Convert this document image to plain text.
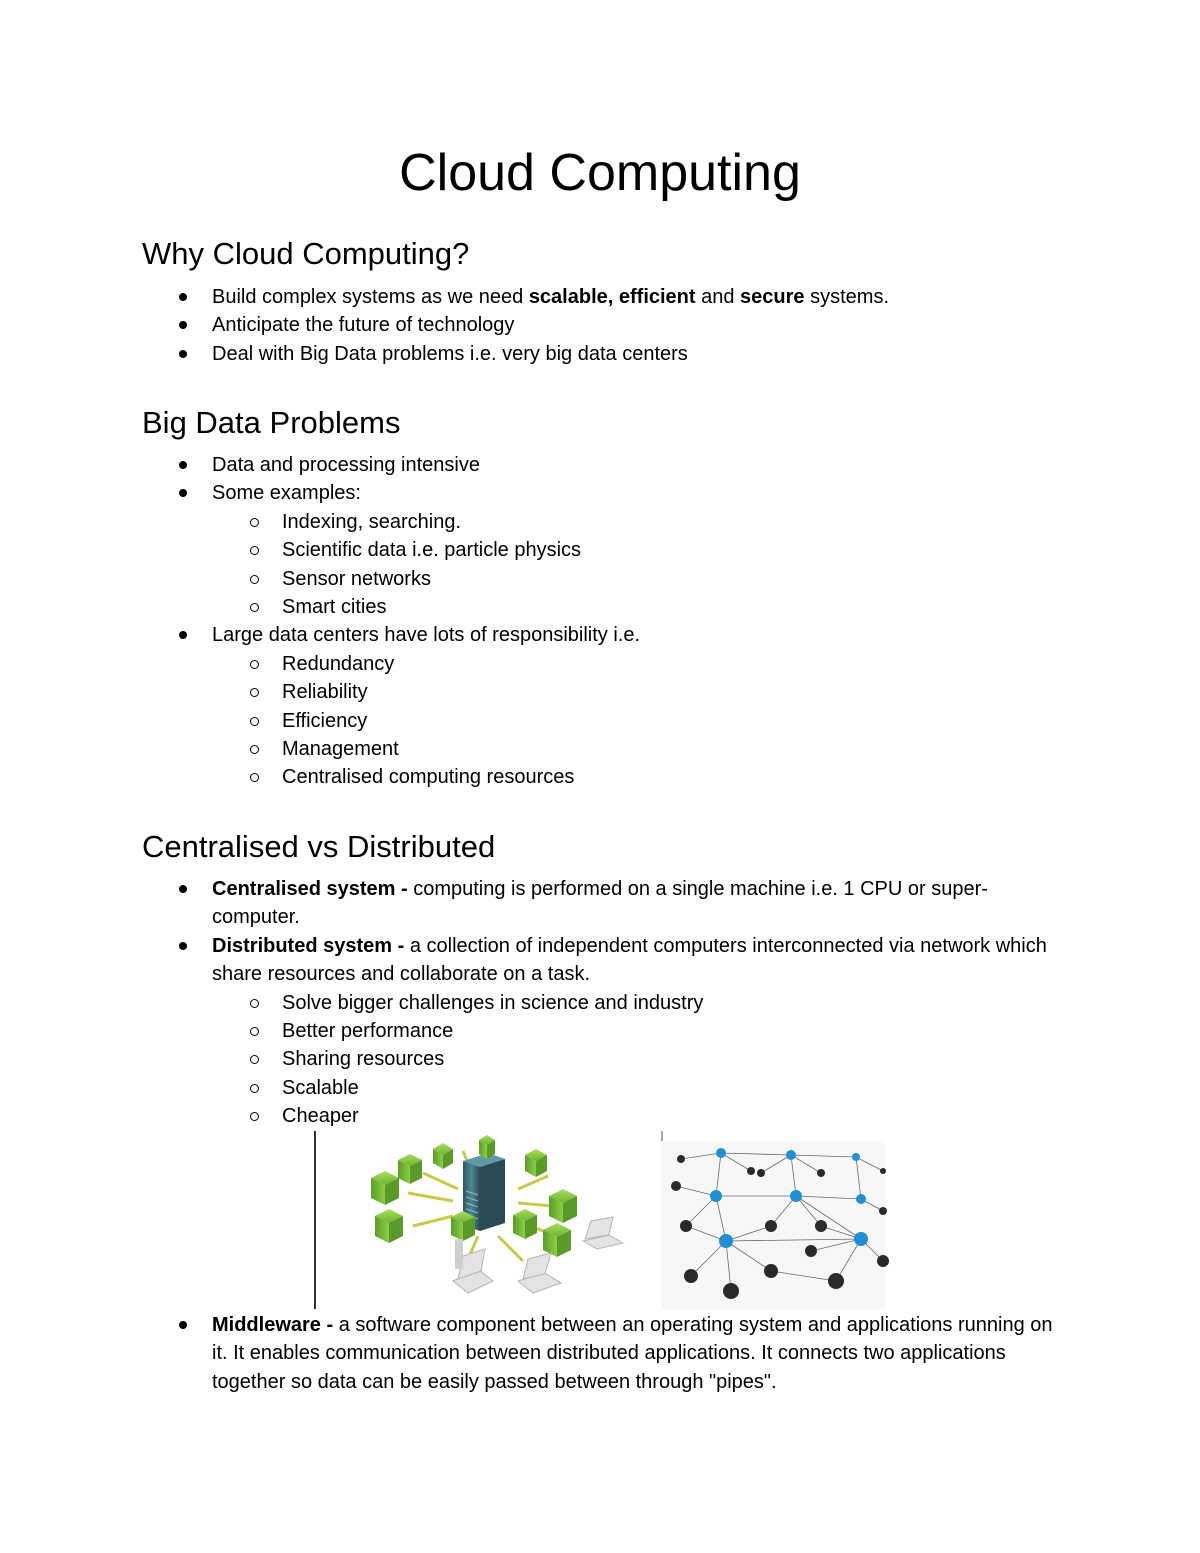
Cloud Computing
Why Cloud Computing?
Build complex systems as we need scalable, efficient and secure systems.
Anticipate the future of technology
Deal with Big Data problems i.e. very big data centers
Big Data Problems
Data and processing intensive
Some examples:
Indexing, searching.
Scientific data i.e. particle physics
Sensor networks
Smart cities
Large data centers have lots of responsibility i.e.
Redundancy
Reliability
Efficiency
Management
Centralised computing resources
Centralised vs Distributed
Centralised system - computing is performed on a single machine i.e. 1 CPU or super-computer.
Distributed system - a collection of independent computers interconnected via network which share resources and collaborate on a task.
Solve bigger challenges in science and industry
Better performance
Sharing resources
Scalable
Cheaper
Middleware - a software component between an operating system and applications running on it. It enables communication between distributed applications. It connects two applications together so data can be easily passed between through "pipes".
